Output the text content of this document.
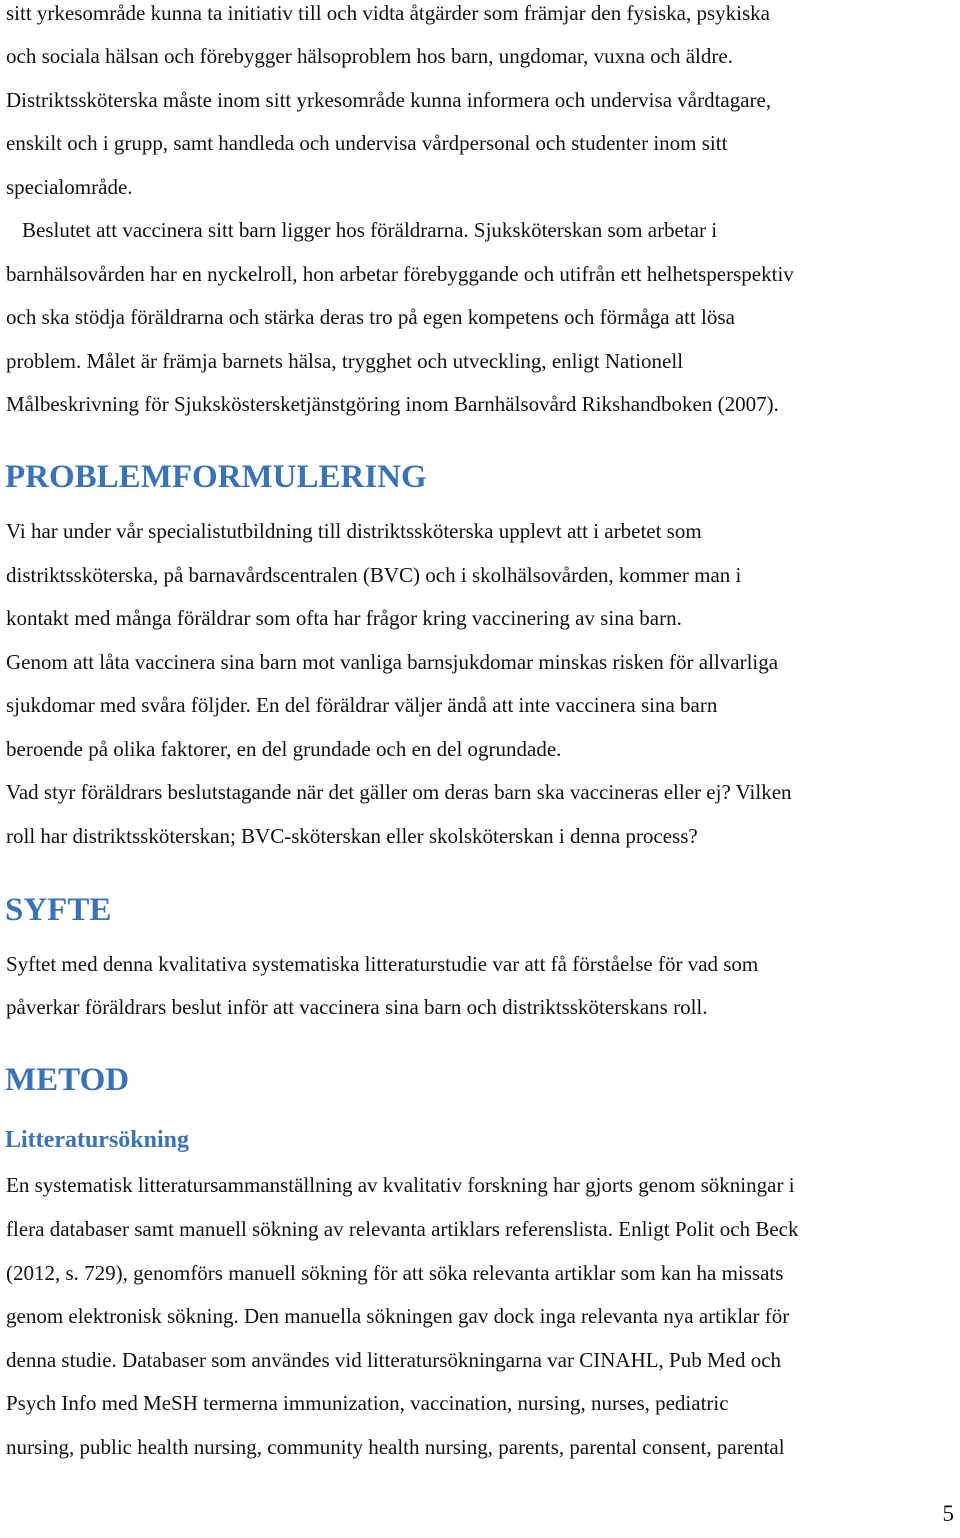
sitt yrkesområde kunna ta initiativ till och vidta åtgärder som främjar den fysiska, psykiska
och sociala hälsan och förebygger hälsoproblem hos barn, ungdomar, vuxna och äldre.
Distriktssköterska måste inom sitt yrkesområde kunna informera och undervisa vårdtagare,
enskilt och i grupp, samt handleda och undervisa vårdpersonal och studenter inom sitt
specialområde.
Beslutet att vaccinera sitt barn ligger hos föräldrarna. Sjuksköterskan som arbetar i
barnhälsovården har en nyckelroll, hon arbetar förebyggande och utifrån ett helhetsperspektiv
och ska stödja föräldrarna och stärka deras tro på egen kompetens och förmåga att lösa
problem. Målet är främja barnets hälsa, trygghet och utveckling, enligt Nationell
Målbeskrivning för Sjuksköstersketjänstgöring inom Barnhälsovård Rikshandboken (2007).
PROBLEMFORMULERING
Vi har under vår specialistutbildning till distriktssköterska upplevt att i arbetet som
distriktssköterska, på barnavårdscentralen (BVC) och i skolhälsovården, kommer man i
kontakt med många föräldrar som ofta har frågor kring vaccinering av sina barn.
Genom att låta vaccinera sina barn mot vanliga barnsjukdomar minskas risken för allvarliga
sjukdomar med svåra följder. En del föräldrar väljer ändå att inte vaccinera sina barn
beroende på olika faktorer, en del grundade och en del ogrundade.
Vad styr föräldrars beslutstagande när det gäller om deras barn ska vaccineras eller ej? Vilken
roll har distriktssköterskan; BVC-sköterskan eller skolsköterskan i denna process?
SYFTE
Syftet med denna kvalitativa systematiska litteraturstudie var att få förståelse för vad som
påverkar föräldrars beslut inför att vaccinera sina barn och distriktssköterskans roll.
METOD
Litteratursökning
En systematisk litteratursammanställning av kvalitativ forskning har gjorts genom sökningar i
flera databaser samt manuell sökning av relevanta artiklars referenslista. Enligt Polit och Beck
(2012, s. 729), genomförs manuell sökning för att söka relevanta artiklar som kan ha missats
genom elektronisk sökning. Den manuella sökningen gav dock inga relevanta nya artiklar för
denna studie. Databaser som användes vid litteratursökningarna var CINAHL, Pub Med och
Psych Info med MeSH termerna immunization, vaccination, nursing, nurses, pediatric
nursing, public health nursing, community health nursing, parents, parental consent, parental
5
